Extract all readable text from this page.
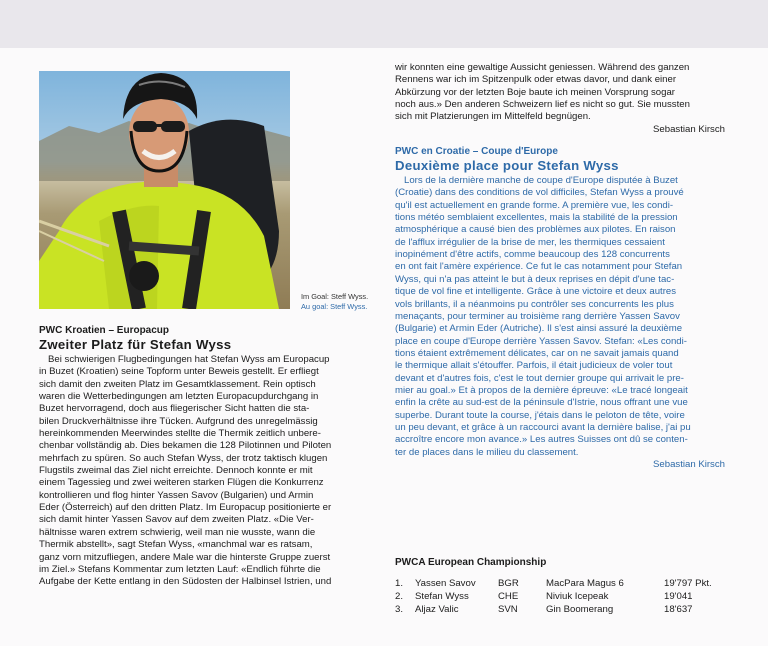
Im Goal: Steff Wyss.
Au goal: Steff Wyss.
PWC Kroatien – Europacup
Zweiter Platz für Stefan Wyss

Bei schwierigen Flugbedingungen hat Stefan Wyss am Europacup

in Buzet (Kroatien) seine Topform unter Beweis gestellt. Er erfliegt

sich damit den zweiten Platz im Gesamtklassement. Rein optisch

waren die Wetterbedingungen am letzten Europacupdurchgang in

Buzet hervorragend, doch aus fliegerischer Sicht hatten die sta-

bilen Druckverhältnisse ihre Tücken. Aufgrund des unregelmässig

hereinkommenden Meerwindes stellte die Thermik zeitlich unbere-

chenbar vollständig ab. Dies bekamen die 128 Pilotinnen und Piloten

mehrfach zu spüren. So auch Stefan Wyss, der trotz taktisch klugen

Flugstils zweimal das Ziel nicht erreichte. Dennoch konnte er mit

einem Tagessieg und zwei weiteren starken Flügen die Konkurrenz

kontrollieren und flog hinter Yassen Savov (Bulgarien) und Armin

Eder (Österreich) auf den dritten Platz. Im Europacup positionierte er

sich damit hinter Yassen Savov auf dem zweiten Platz. «Die Ver-

hältnisse waren extrem schwierig, weil man nie wusste, wann die

Thermik abstellt», sagt Stefan Wyss, «manchmal war es ratsam,

ganz vorn mitzufliegen, andere Male war die hinterste Gruppe zuerst

im Ziel.» Stefans Kommentar zum letzten Lauf: «Endlich führte die

Aufgabe der Kette entlang in den Südosten der Halbinsel Istrien, und

wir konnten eine gewaltige Aussicht geniessen. Während des ganzen

Rennens war ich im Spitzenpulk oder etwas davor, und dank einer

Abkürzung vor der letzten Boje baute ich meinen Vorsprung sogar

noch aus.» Den anderen Schweizern lief es nicht so gut. Sie mussten

sich mit Platzierungen im Mittelfeld begnügen.

Sebastian Kirsch

PWC en Croatie – Coupe d'Europe
Deuxième place pour Stefan Wyss

Lors de la dernière manche de coupe d'Europe disputée à Buzet

(Croatie) dans des conditions de vol difficiles, Stefan Wyss a prouvé

qu'il est actuellement en grande forme. A première vue, les condi-

tions météo semblaient excellentes, mais la stabilité de la pression

atmosphérique a causé bien des problèmes aux pilotes. En raison

de l'afflux irrégulier de la brise de mer, les thermiques cessaient

inopinément d'être actifs, comme beaucoup des 128 concurrents

en ont fait l'amère expérience. Ce fut le cas notamment pour Stefan

Wyss, qui n'a pas atteint le but à deux reprises en dépit d'une tac-

tique de vol fine et intelligente. Grâce à une victoire et deux autres

vols brillants, il a néanmoins pu contrôler ses concurrents les plus

menaçants, pour terminer au troisième rang derrière Yassen Savov

(Bulgarie) et Armin Eder (Autriche). Il s'est ainsi assuré la deuxième

place en coupe d'Europe derrière Yassen Savov. Stefan: «Les condi-

tions étaient extrêmement délicates, car on ne savait jamais quand

le thermique allait s'étouffer. Parfois, il était judicieux de voler tout

devant et d'autres fois, c'est le tout dernier groupe qui arrivait le pre-

mier au goal.» Et à propos de la dernière épreuve: «Le tracé longeait

enfin la crête au sud-est de la péninsule d'Istrie, nous offrant une vue

superbe. Durant toute la course, j'étais dans le peloton de tête, voire

un peu devant, et grâce à un raccourci avant la dernière balise, j'ai pu

accroître encore mon avance.» Les autres Suisses ont dû se conten-

ter de places dans le milieu du classement.

Sebastian Kirsch

PWCA European Championship
1.	Yassen Savov	BGR	MacPara Magus 6	19'797 Pkt.
2.	Stefan Wyss	CHE	Niviuk Icepeak	19'041
3.	Aljaz Valic	SVN	Gin Boomerang	18'637
